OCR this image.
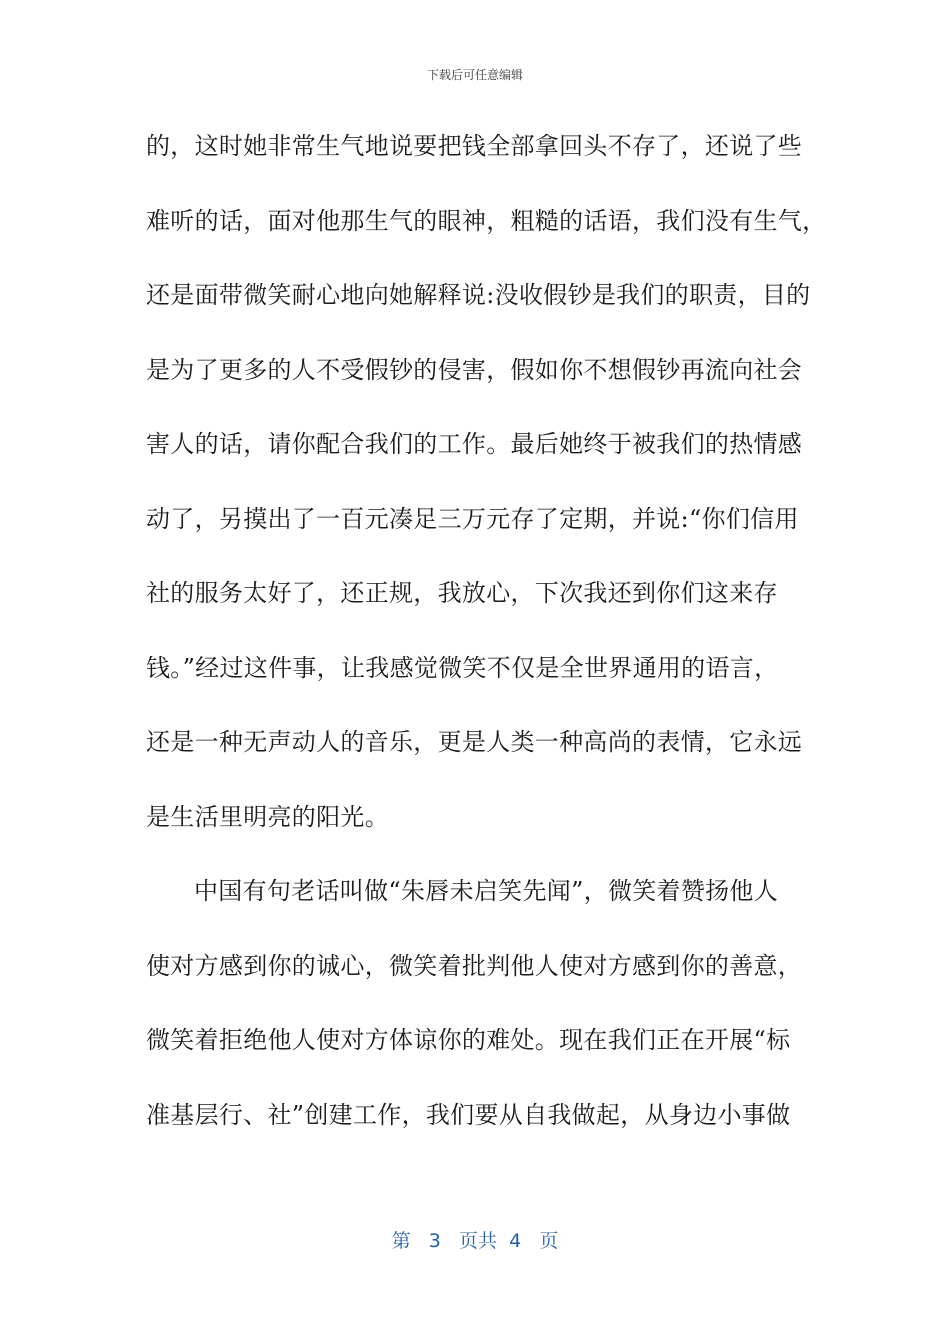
下载后可任意编辑
的，这时她非常生气地说要把钱全部拿回头不存了，还说了些
难听的话，面对他那生气的眼神，粗糙的话语，我们没有生气，
还是面带微笑耐心地向她解释说:没收假钞是我们的职责，目的
是为了更多的人不受假钞的侵害，假如你不想假钞再流向社会
害人的话，请你配合我们的工作。最后她终于被我们的热情感
动了，另摸出了一百元凑足三万元存了定期，并说:“你们信用
社的服务太好了，还正规，我放心，下次我还到你们这来存
钱。”经过这件事，让我感觉微笑不仅是全世界通用的语言，
还是一种无声动人的音乐，更是人类一种高尚的表情，它永远
是生活里明亮的阳光。
中国有句老话叫做“朱唇未启笑先闻”，微笑着赞扬他人
使对方感到你的诚心，微笑着批判他人使对方感到你的善意，
微笑着拒绝他人使对方体谅你的难处。现在我们正在开展“标
准基层行、社”创建工作，我们要从自我做起，从身边小事做
第 3 页共 4 页
